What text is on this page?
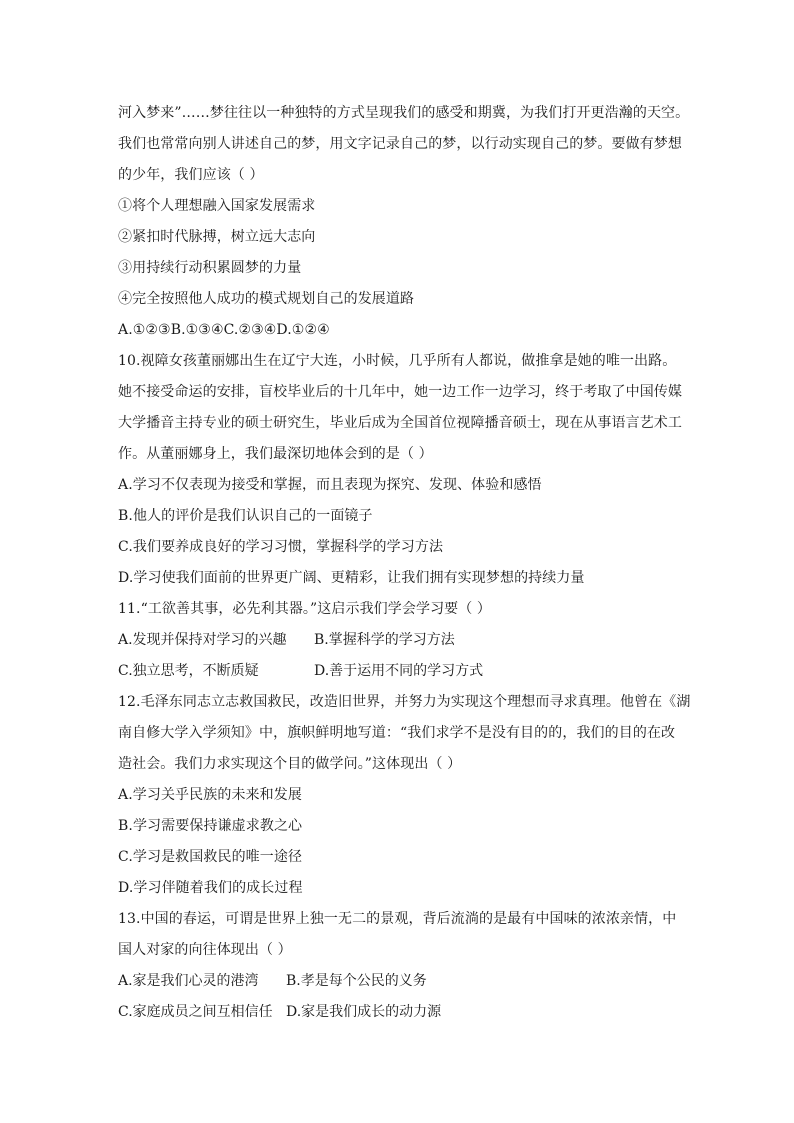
河入梦来”……梦往往以一种独特的方式呈现我们的感受和期冀，为我们打开更浩瀚的天空。
我们也常常向别人讲述自己的梦，用文字记录自己的梦，以行动实现自己的梦。要做有梦想
的少年，我们应该（ ）
①将个人理想融入国家发展需求
②紧扣时代脉搏，树立远大志向
③用持续行动积累圆梦的力量
④完全按照他人成功的模式规划自己的发展道路
A.①②③B.①③④C.②③④D.①②④
10.视障女孩董丽娜出生在辽宁大连，小时候，几乎所有人都说，做推拿是她的唯一出路。
她不接受命运的安排，盲校毕业后的十几年中，她一边工作一边学习，终于考取了中国传媒
大学播音主持专业的硕士研究生，毕业后成为全国首位视障播音硕士，现在从事语言艺术工
作。从董丽娜身上，我们最深切地体会到的是（ ）
A.学习不仅表现为接受和掌握，而且表现为探究、发现、体验和感悟
B.他人的评价是我们认识自己的一面镜子
C.我们要养成良好的学习习惯，掌握科学的学习方法
D.学习使我们面前的世界更广阔、更精彩，让我们拥有实现梦想的持续力量
11.“工欲善其事，必先利其器。”这启示我们学会学习要（ ）
A.发现并保持对学习的兴趣	B.掌握科学的学习方法
C.独立思考，不断质疑	D.善于运用不同的学习方式
12.毛泽东同志立志救国救民，改造旧世界，并努力为实现这个理想而寻求真理。他曾在《湖
南自修大学入学须知》中，旗帜鲜明地写道：“我们求学不是没有目的的，我们的目的在改
造社会。我们力求实现这个目的做学问。”这体现出（ ）
A.学习关乎民族的未来和发展
B.学习需要保持谦虚求教之心
C.学习是救国救民的唯一途径
D.学习伴随着我们的成长过程
13.中国的春运，可谓是世界上独一无二的景观，背后流淌的是最有中国味的浓浓亲情，中
国人对家的向往体现出（ ）
A.家是我们心灵的港湾	B.孝是每个公民的义务
C.家庭成员之间互相信任 D.家是我们成长的动力源
